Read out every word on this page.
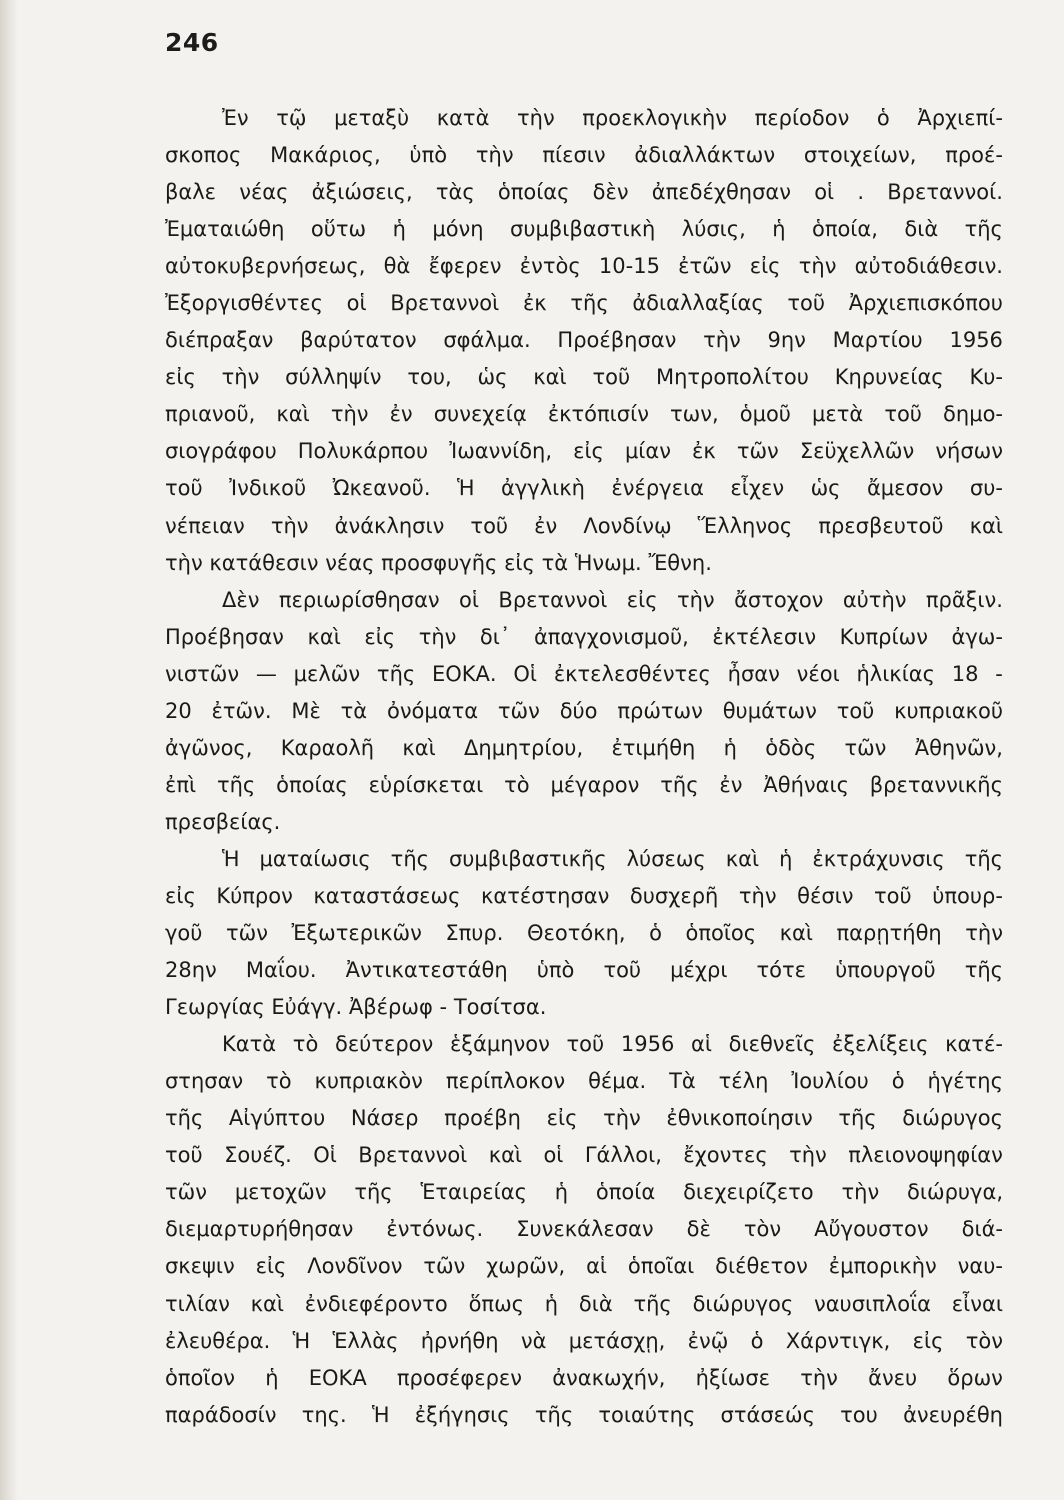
246
Ἐν τῷ μεταξὺ κατὰ τὴν προεκλογικὴν περίοδον ὁ Ἀρχιεπί-
σκοπος Μακάριος, ὑπὸ τὴν πίεσιν ἀδιαλλάκτων στοιχείων, προέ-
βαλε νέας ἀξιώσεις, τὰς ὁποίας δὲν ἀπεδέχθησαν οἱ . Βρεταννοί.
Ἐματαιώθη οὕτω ἡ μόνη συμβιβαστικὴ λύσις, ἡ ὁποία, διὰ τῆς
αὐτοκυβερνήσεως, θὰ ἔφερεν ἐντὸς 10-15 ἐτῶν εἰς τὴν αὐτοδιάθεσιν.
Ἐξοργισθέντες οἱ Βρεταννοὶ ἐκ τῆς ἀδιαλλαξίας τοῦ Ἀρχιεπισκόπου
διέπραξαν βαρύτατον σφάλμα. Προέβησαν τὴν 9ην Μαρτίου 1956
εἰς τὴν σύλληψίν του, ὡς καὶ τοῦ Μητροπολίτου Κηρυνείας Κυ-
πριανοῦ, καὶ τὴν ἐν συνεχείᾳ ἐκτόπισίν των, ὁμοῦ μετὰ τοῦ δημο-
σιογράφου Πολυκάρπου Ἰωαννίδη, εἰς μίαν ἐκ τῶν Σεϋχελλῶν νήσων
τοῦ Ἰνδικοῦ Ὠκεανοῦ. Ἡ ἀγγλικὴ ἐνέργεια εἶχεν ὡς ἄμεσον συ-
νέπειαν τὴν ἀνάκλησιν τοῦ ἐν Λονδίνῳ Ἕλληνος πρεσβευτοῦ καὶ
τὴν κατάθεσιν νέας προσφυγῆς εἰς τὰ Ἡνωμ. Ἔθνη.
Δὲν περιωρίσθησαν οἱ Βρεταννοὶ εἰς τὴν ἄστοχον αὐτὴν πρᾶξιν.
Προέβησαν καὶ εἰς τὴν δι᾽ ἀπαγχονισμοῦ, ἐκτέλεσιν Κυπρίων ἀγω-
νιστῶν — μελῶν τῆς ΕΟΚΑ. Οἱ ἐκτελεσθέντες ἦσαν νέοι ἡλικίας 18 -
20 ἐτῶν. Μὲ τὰ ὀνόματα τῶν δύο πρώτων θυμάτων τοῦ κυπριακοῦ
ἀγῶνος, Καραολῆ καὶ Δημητρίου, ἐτιμήθη ἡ ὁδὸς τῶν Ἀθηνῶν,
ἐπὶ τῆς ὁποίας εὑρίσκεται τὸ μέγαρον τῆς ἐν Ἀθήναις βρεταννικῆς
πρεσβείας.
Ἡ ματαίωσις τῆς συμβιβαστικῆς λύσεως καὶ ἡ ἐκτράχυνσις τῆς
εἰς Κύπρον καταστάσεως κατέστησαν δυσχερῆ τὴν θέσιν τοῦ ὑπουρ-
γοῦ τῶν Ἐξωτερικῶν Σπυρ. Θεοτόκη, ὁ ὁποῖος καὶ παρῃτήθη τὴν
28ην Μαΐου. Ἀντικατεστάθη ὑπὸ τοῦ μέχρι τότε ὑπουργοῦ τῆς
Γεωργίας Εὐάγγ. Ἀβέρωφ - Τοσίτσα.
Κατὰ τὸ δεύτερον ἑξάμηνον τοῦ 1956 αἱ διεθνεῖς ἐξελίξεις κατέ-
στησαν τὸ κυπριακὸν περίπλοκον θέμα. Τὰ τέλη Ἰουλίου ὁ ἡγέτης
τῆς Αἰγύπτου Νάσερ προέβη εἰς τὴν ἐθνικοποίησιν τῆς διώρυγος
τοῦ Σουέζ. Οἱ Βρεταννοὶ καὶ οἱ Γάλλοι, ἔχοντες τὴν πλειονοψηφίαν
τῶν μετοχῶν τῆς Ἑταιρείας ἡ ὁποία διεχειρίζετο τὴν διώρυγα,
διεμαρτυρήθησαν ἐντόνως. Συνεκάλεσαν δὲ τὸν Αὔγουστον διά-
σκεψιν εἰς Λονδῖνον τῶν χωρῶν, αἱ ὁποῖαι διέθετον ἐμπορικὴν ναυ-
τιλίαν καὶ ἐνδιεφέροντο ὅπως ἡ διὰ τῆς διώρυγος ναυσιπλοΐα εἶναι
ἐλευθέρα. Ἡ Ἑλλὰς ἠρνήθη νὰ μετάσχῃ, ἐνῷ ὁ Χάρντιγκ, εἰς τὸν
ὁποῖον ἡ ΕΟΚΑ προσέφερεν ἀνακωχήν, ἠξίωσε τὴν ἄνευ ὅρων
παράδοσίν της. Ἡ ἐξήγησις τῆς τοιαύτης στάσεώς του ἀνευρέθη
